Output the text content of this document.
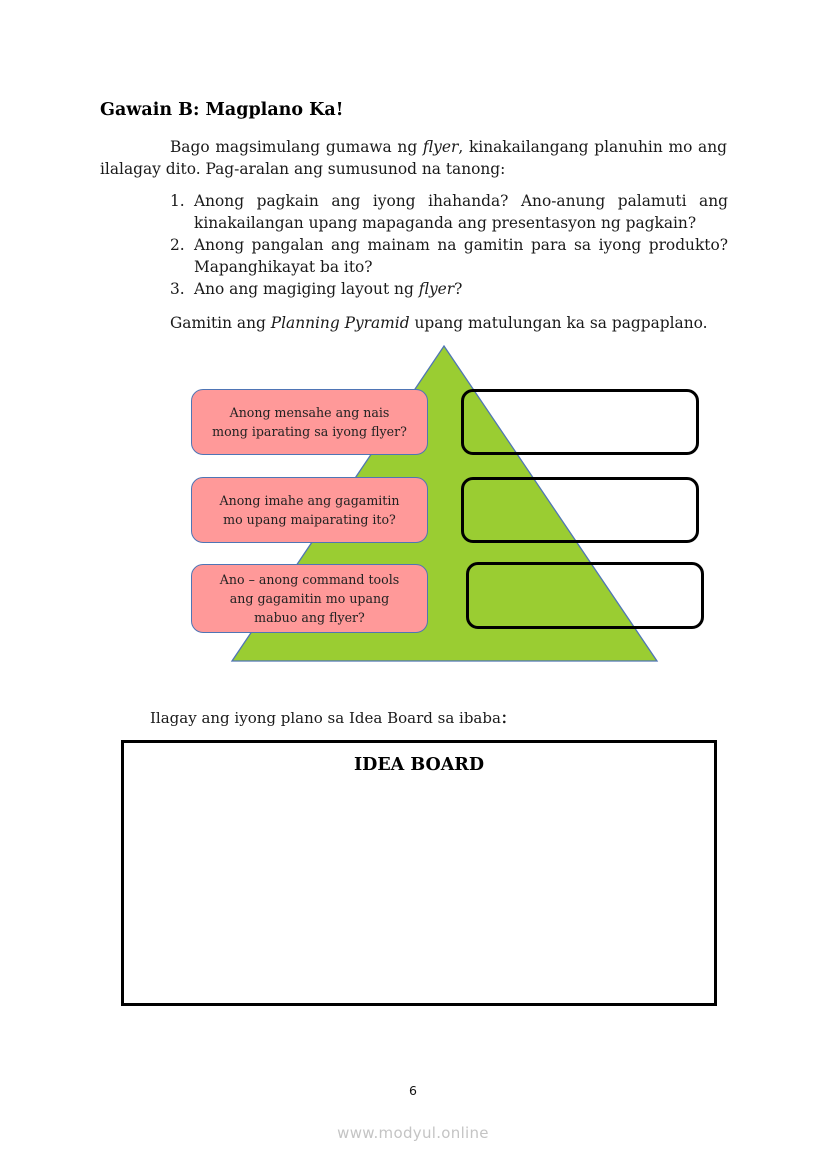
Gawain B: Magplano Ka!
Bago magsimulang gumawa ng flyer, kinakailangang planuhin mo ang ilalagay dito. Pag-aralan ang sumusunod na tanong:
1. Anong pagkain ang iyong ihahanda? Ano-anung palamuti ang kinakailangan upang mapaganda ang presentasyon ng pagkain?
2. Anong pangalan ang mainam na gamitin para sa iyong produkto? Mapanghikayat ba ito?
3. Ano ang magiging layout ng flyer?
Gamitin ang Planning Pyramid upang matulungan ka sa pagpaplano.
Anong mensahe ang nais
mong iparating sa iyong flyer?
Anong imahe ang gagamitin
mo upang maiparating ito?
Ano – anong command tools
ang gagamitin mo upang
mabuo ang flyer?
Ilagay ang iyong plano sa Idea Board sa ibaba:
IDEA BOARD
6
www.modyul.online
